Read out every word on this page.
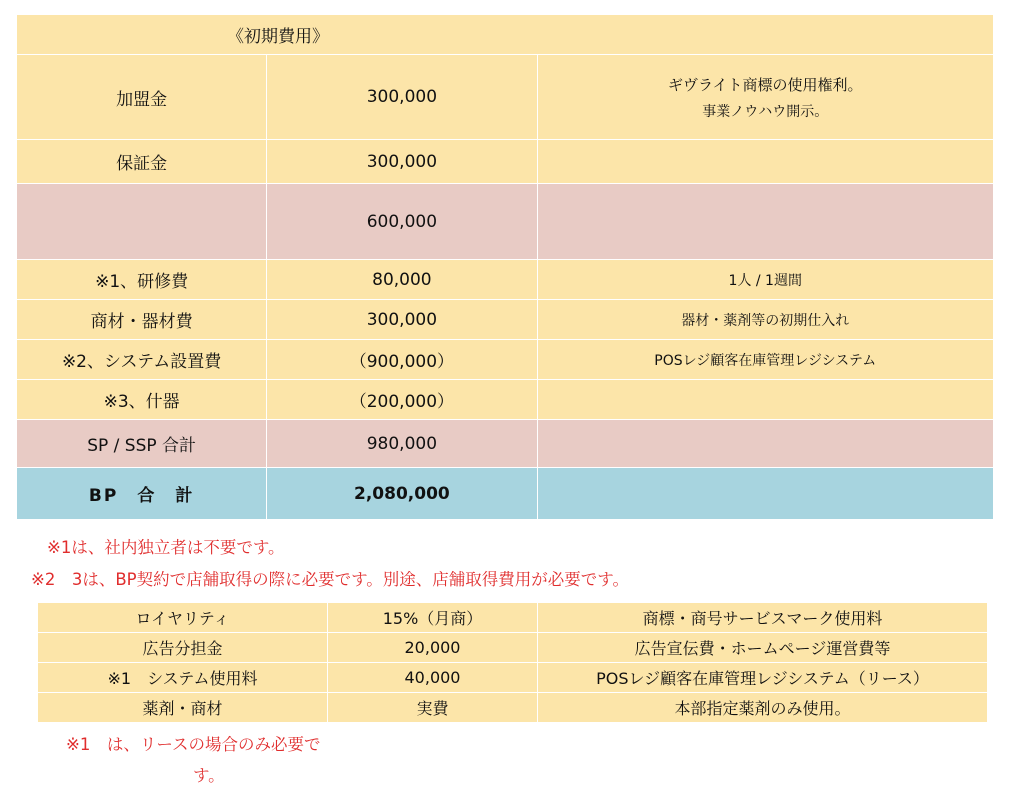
《初期費用》		
加盟金	300,000	ギヴライト商標の使用権利。
事業ノウハウ開示。

保証金	300,000	
	600,000	
※1、研修費	80,000	1人 / 1週間
商材・器材費	300,000	器材・薬剤等の初期仕入れ
※2、システム設置費	（900,000）	POSレジ顧客在庫管理レジシステム
※3、什器	（200,000）	
SP / SSP 合計	980,000	
BP　合　計	2,080,000	
※1は、社内独立者は不要です。
※2　3は、BP契約で店舗取得の際に必要です。別途、店舗取得費用が必要です。
ロイヤリティ	15%（月商）	商標・商号サービスマーク使用料
広告分担金	20,000	広告宣伝費・ホームページ運営費等
※1　システム使用料	40,000	POSレジ顧客在庫管理レジシステム（リース）
薬剤・商材	実費	本部指定薬剤のみ使用。
※1　は、リースの場合のみ必要で
す。
